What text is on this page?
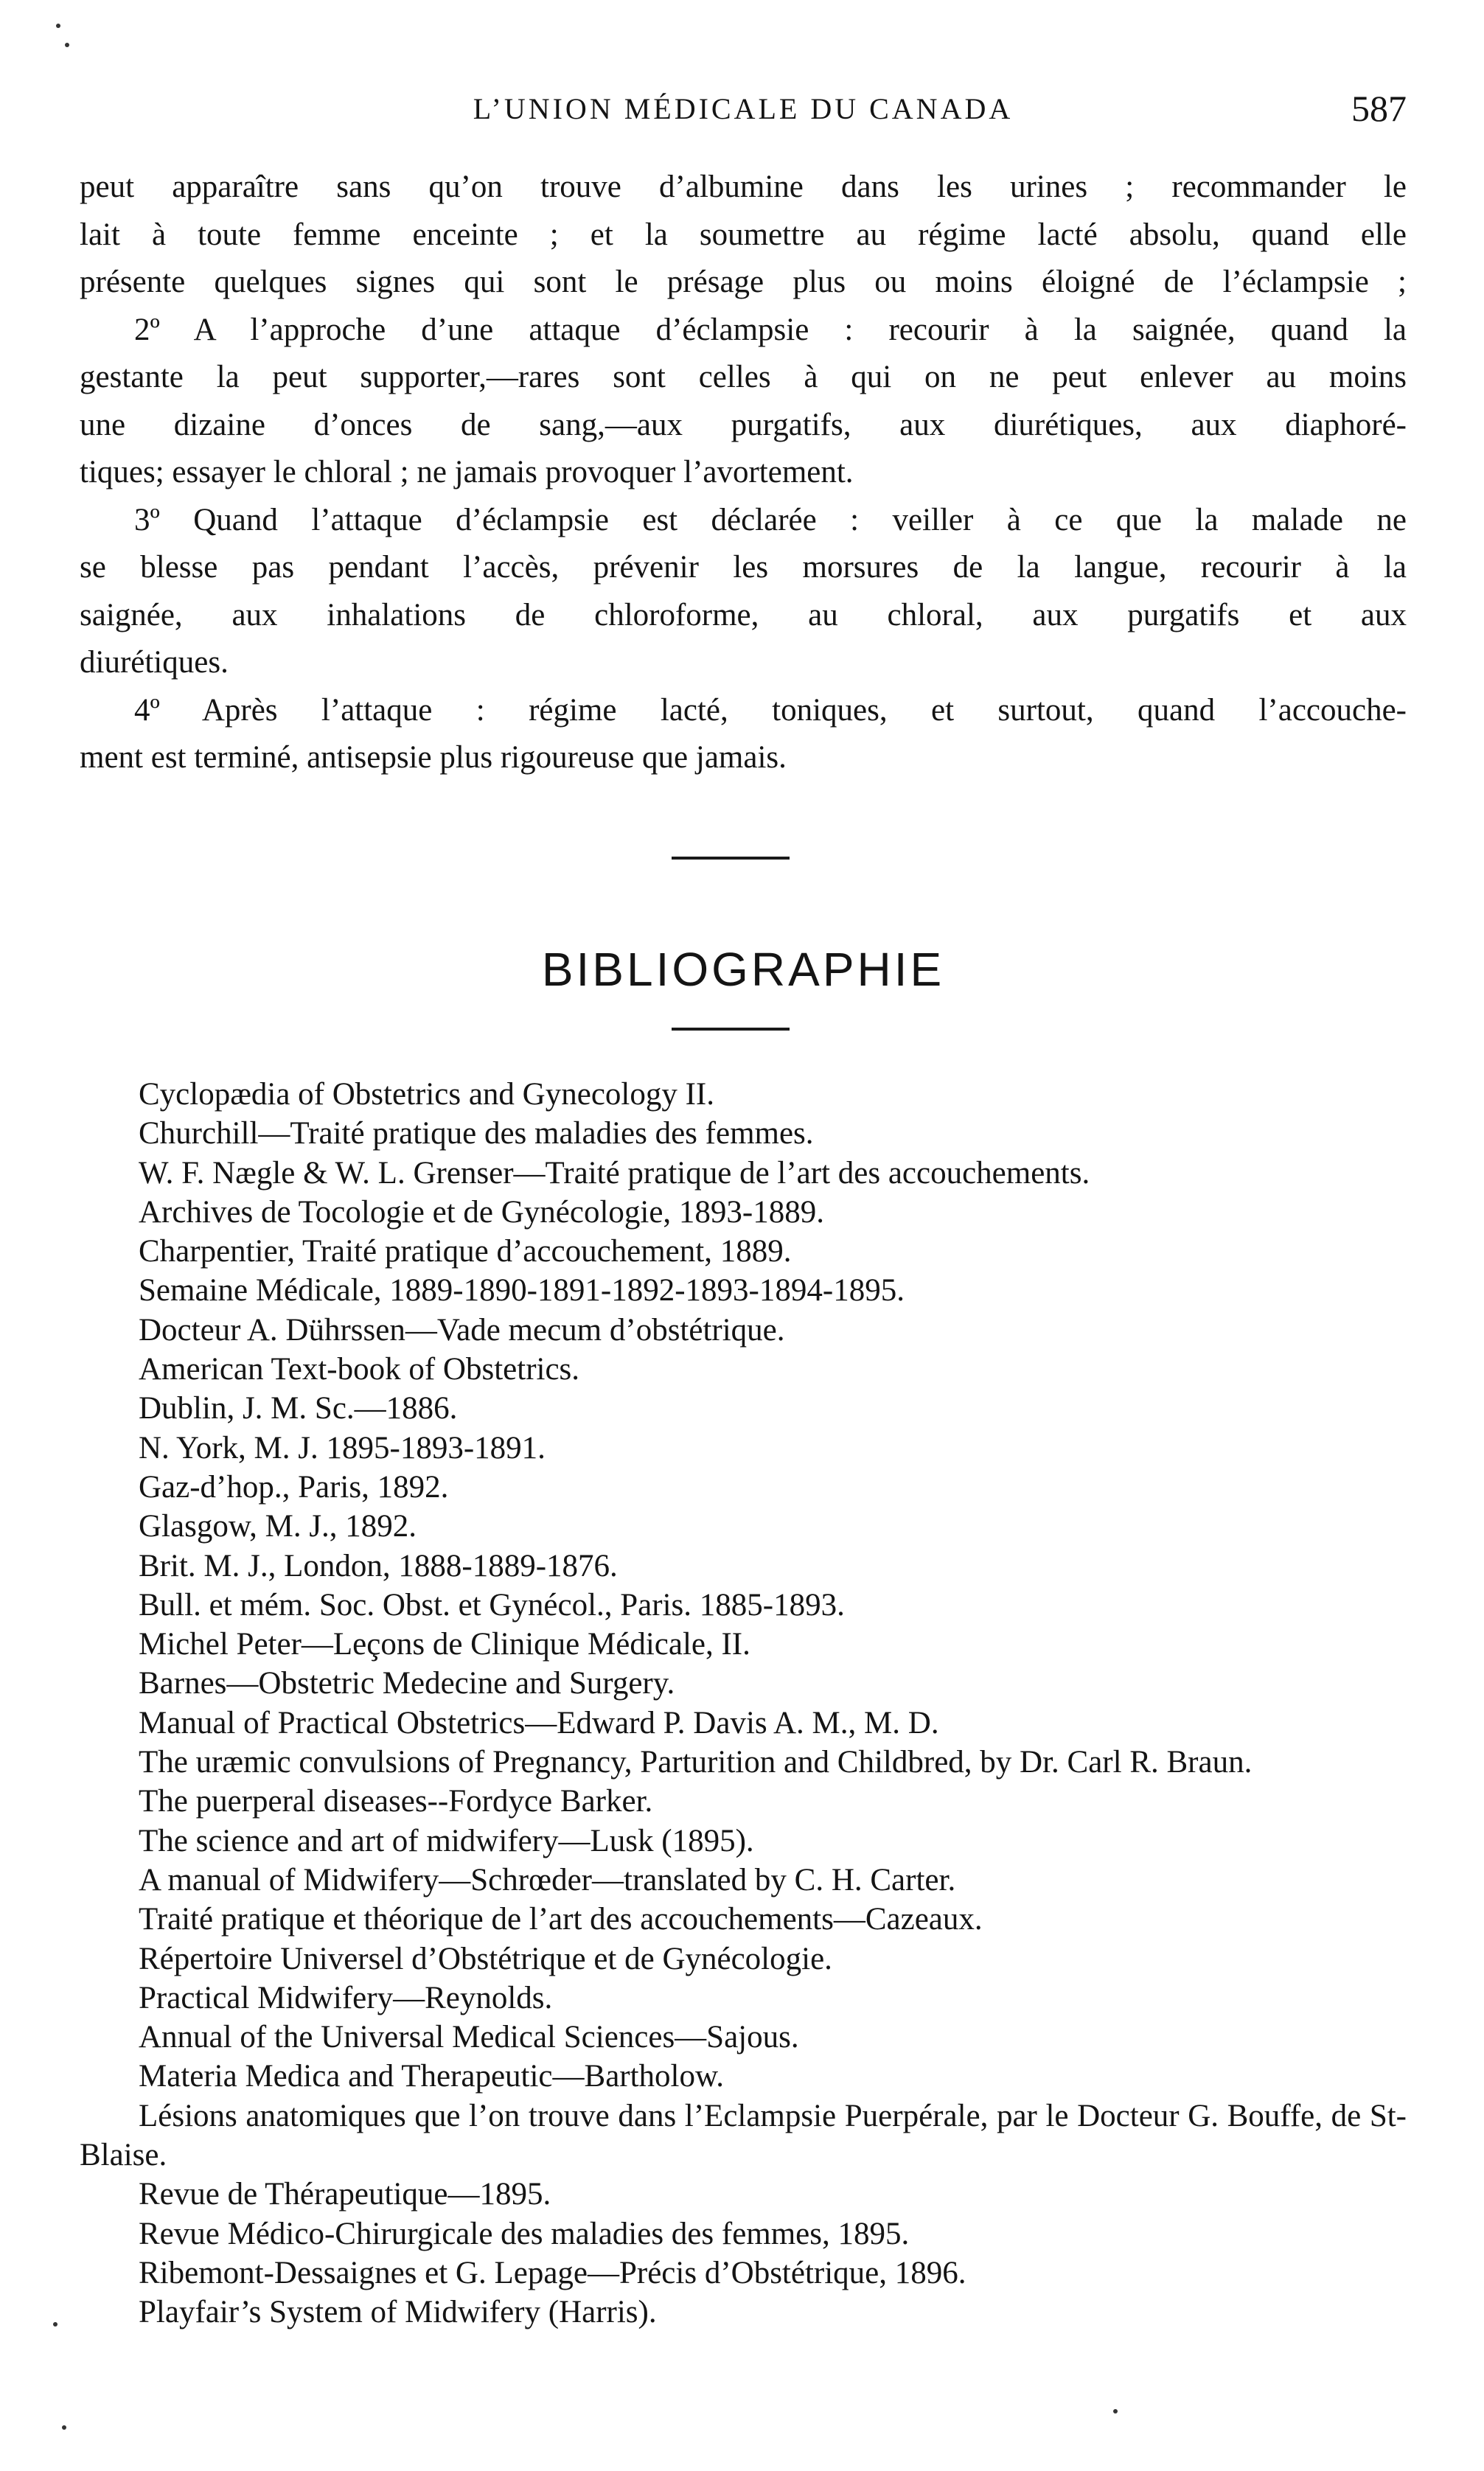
L’UNION MÉDICALE DU CANADA	587
peut apparaître sans qu’on trouve d’albumine dans les urines ; recommander le
lait à toute femme enceinte ; et la soumettre au régime lacté absolu, quand elle
présente quelques signes qui sont le présage plus ou moins éloigné de l’éclampsie ;
2º A l’approche d’une attaque d’éclampsie : recourir à la saignée, quand la
gestante la peut supporter,—rares sont celles à qui on ne peut enlever au moins
une dizaine d’onces de sang,—aux purgatifs, aux diurétiques, aux diaphoré-
tiques; essayer le chloral ; ne jamais provoquer l’avortement.
3º Quand l’attaque d’éclampsie est déclarée : veiller à ce que la malade ne
se blesse pas pendant l’accès, prévenir les morsures de la langue, recourir à la
saignée, aux inhalations de chloroforme, au chloral, aux purgatifs et aux
diurétiques.
4º Après l’attaque : régime lacté, toniques, et surtout, quand l’accouche-
ment est terminé, antisepsie plus rigoureuse que jamais.
BIBLIOGRAPHIE
Cyclopædia of Obstetrics and Gynecology II.
Churchill—Traité pratique des maladies des femmes.
W. F. Nægle & W. L. Grenser—Traité pratique de l’art des accouchements.
Archives de Tocologie et de Gynécologie, 1893-1889.
Charpentier, Traité pratique d’accouchement, 1889.
Semaine Médicale, 1889-1890-1891-1892-1893-1894-1895.
Docteur A. Dührssen—Vade mecum d’obstétrique.
American Text-book of Obstetrics.
Dublin, J. M. Sc.—1886.
N. York, M. J. 1895-1893-1891.
Gaz-d’hop., Paris, 1892.
Glasgow, M. J., 1892.
Brit. M. J., London, 1888-1889-1876.
Bull. et mém. Soc. Obst. et Gynécol., Paris. 1885-1893.
Michel Peter—Leçons de Clinique Médicale, II.
Barnes—Obstetric Medecine and Surgery.
Manual of Practical Obstetrics—Edward P. Davis A. M., M. D.
The uræmic convulsions of Pregnancy, Parturition and Childbred, by Dr. Carl R. Braun.
The puerperal diseases--Fordyce Barker.
The science and art of midwifery—Lusk (1895).
A manual of Midwifery—Schrœder—translated by C. H. Carter.
Traité pratique et théorique de l’art des accouchements—Cazeaux.
Répertoire Universel d’Obstétrique et de Gynécologie.
Practical Midwifery—Reynolds.
Annual of the Universal Medical Sciences—Sajous.
Materia Medica and Therapeutic—Bartholow.
Lésions anatomiques que l’on trouve dans l’Eclampsie Puerpérale, par le Docteur G. Bouffe, de St-Blaise.
Revue de Thérapeutique—1895.
Revue Médico-Chirurgicale des maladies des femmes, 1895.
Ribemont-Dessaignes et G. Lepage—Précis d’Obstétrique, 1896.
Playfair’s System of Midwifery (Harris).
